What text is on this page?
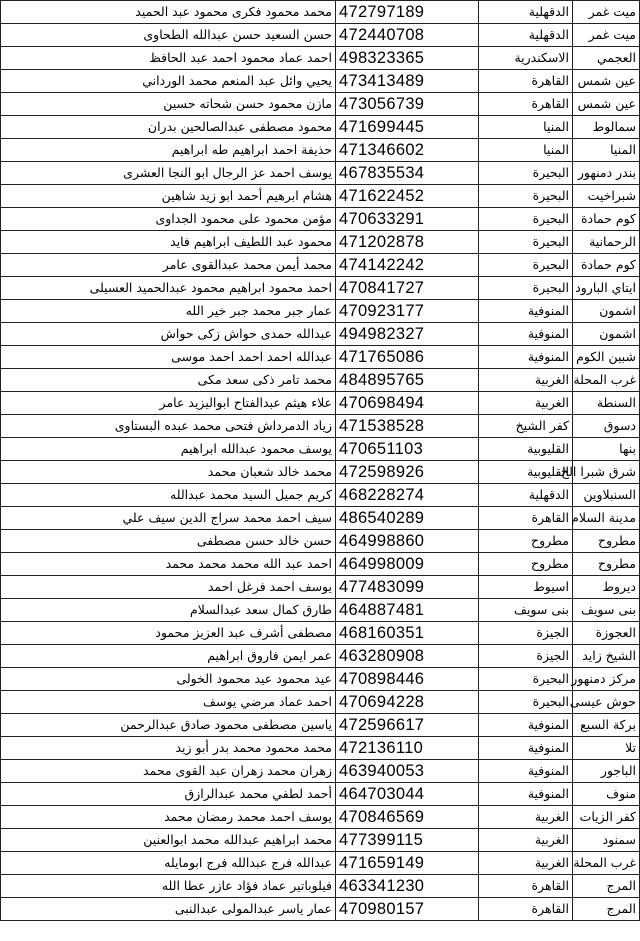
ميت غمر	الدقهلية	472797189	محمد محمود فكرى محمود عبد الحميد
ميت غمر	الدقهلية	472440708	حسن السعيد حسن عبدالله الطحاوى
العجمي	الاسكندرية	498323365	احمد عماد محمود احمد عبد الحافظ
عين شمس	القاهرة	473413489	يحيي وائل عبد المنعم محمد الورداني
عين شمس	القاهرة	473056739	مازن محمود حسن شحاته حسين
سمالوط	المنيا	471699445	محمود مصطفى عبدالصالحين بدران
المنيا	المنيا	471346602	حذيفة احمد ابراهيم طه ابراهيم
بندر دمنهور	البحيرة	467835534	يوسف احمد عز الرجال ابو النجا العشرى
شبراخيت	البحيرة	471622452	هشام ابرهيم أحمد ابو زيد شاهين
كوم حمادة	البحيرة	470633291	مؤمن محمود على محمود الجداوى
الرحمانية	البحيرة	471202878	محمود عبد اللطيف ابراهيم فايد
كوم حمادة	البحيرة	474142242	محمد أيمن محمد عبدالقوى عامر
ايتاي البارود	البحيرة	470841727	احمد محمود ابراهيم محمود عبدالحميد العسيلى
اشمون	المنوفية	470923177	عمار جبر محمد جبر خير الله
اشمون	المنوفية	494982327	عبدالله حمدى حواش زكى حواش
شبين الكوم	المنوفية	471765086	عبدالله احمد احمد احمد موسى
غرب المحلة	الغربية	484895765	محمد تامر ذكى سعد مكى
السنطة	الغربية	470698494	علاء هيثم عبدالفتاح ابواليزيد عامر
دسوق	كفر الشيخ	471538528	زياد الدمرداش فتحى محمد عبده البستاوى
بنها	القليوبية	470651103	يوسف محمود عبدالله ابراهيم
شرق شبرا الخ	القليوبية	472598926	محمد خالد شعبان محمد
السنبلاوين	الدقهلية	468228274	كريم جميل السيد محمد عبدالله
مدينة السلام	القاهرة	486540289	سيف احمد محمد سراج الدين سيف علي
مطروح	مطروح	464998860	حسن خالد حسن مصطفى
مطروح	مطروح	464998009	احمد عبد الله محمد محمد محمد
ديروط	اسيوط	477483099	يوسف احمد فرغل احمد
بنى سويف	بنى سويف	464887481	طارق كمال سعد عبدالسلام
العجوزة	الجيزة	468160351	مصطفى أشرف عبد العزيز محمود
الشيخ زايد	الجيزة	463280908	عمر ايمن فاروق ابراهيم
مركز دمنهور	البحيرة	470898446	عيد محمود عيد محمود الخولى
حوش عيسى	البحيرة	470694228	احمد عماد مرضي يوسف
بركة السبع	المنوفية	472596617	ياسين مصطفى محمود صادق عبدالرحمن
تلا	المنوفية	472136110	محمد محمود محمد بدر أبو زيد
الباجور	المنوفية	463940053	زهران محمد زهران عبد القوى محمد
منوف	المنوفية	464703044	أحمد لطفي محمد عبدالرازق
كفر الزيات	الغربية	470846569	يوسف احمد محمد رمضان محمد
سمنود	الغربية	477399115	محمد ابراهيم عبدالله محمد ابوالعنين
غرب المحلة	الغربية	471659149	عبدالله فرج عبدالله فرج ابومايله
المرج	القاهرة	463341230	فيلوباتير عماد فؤاد عازر عطا الله
المرج	القاهرة	470980157	عمار ياسر عبدالمولى عبدالنبى
